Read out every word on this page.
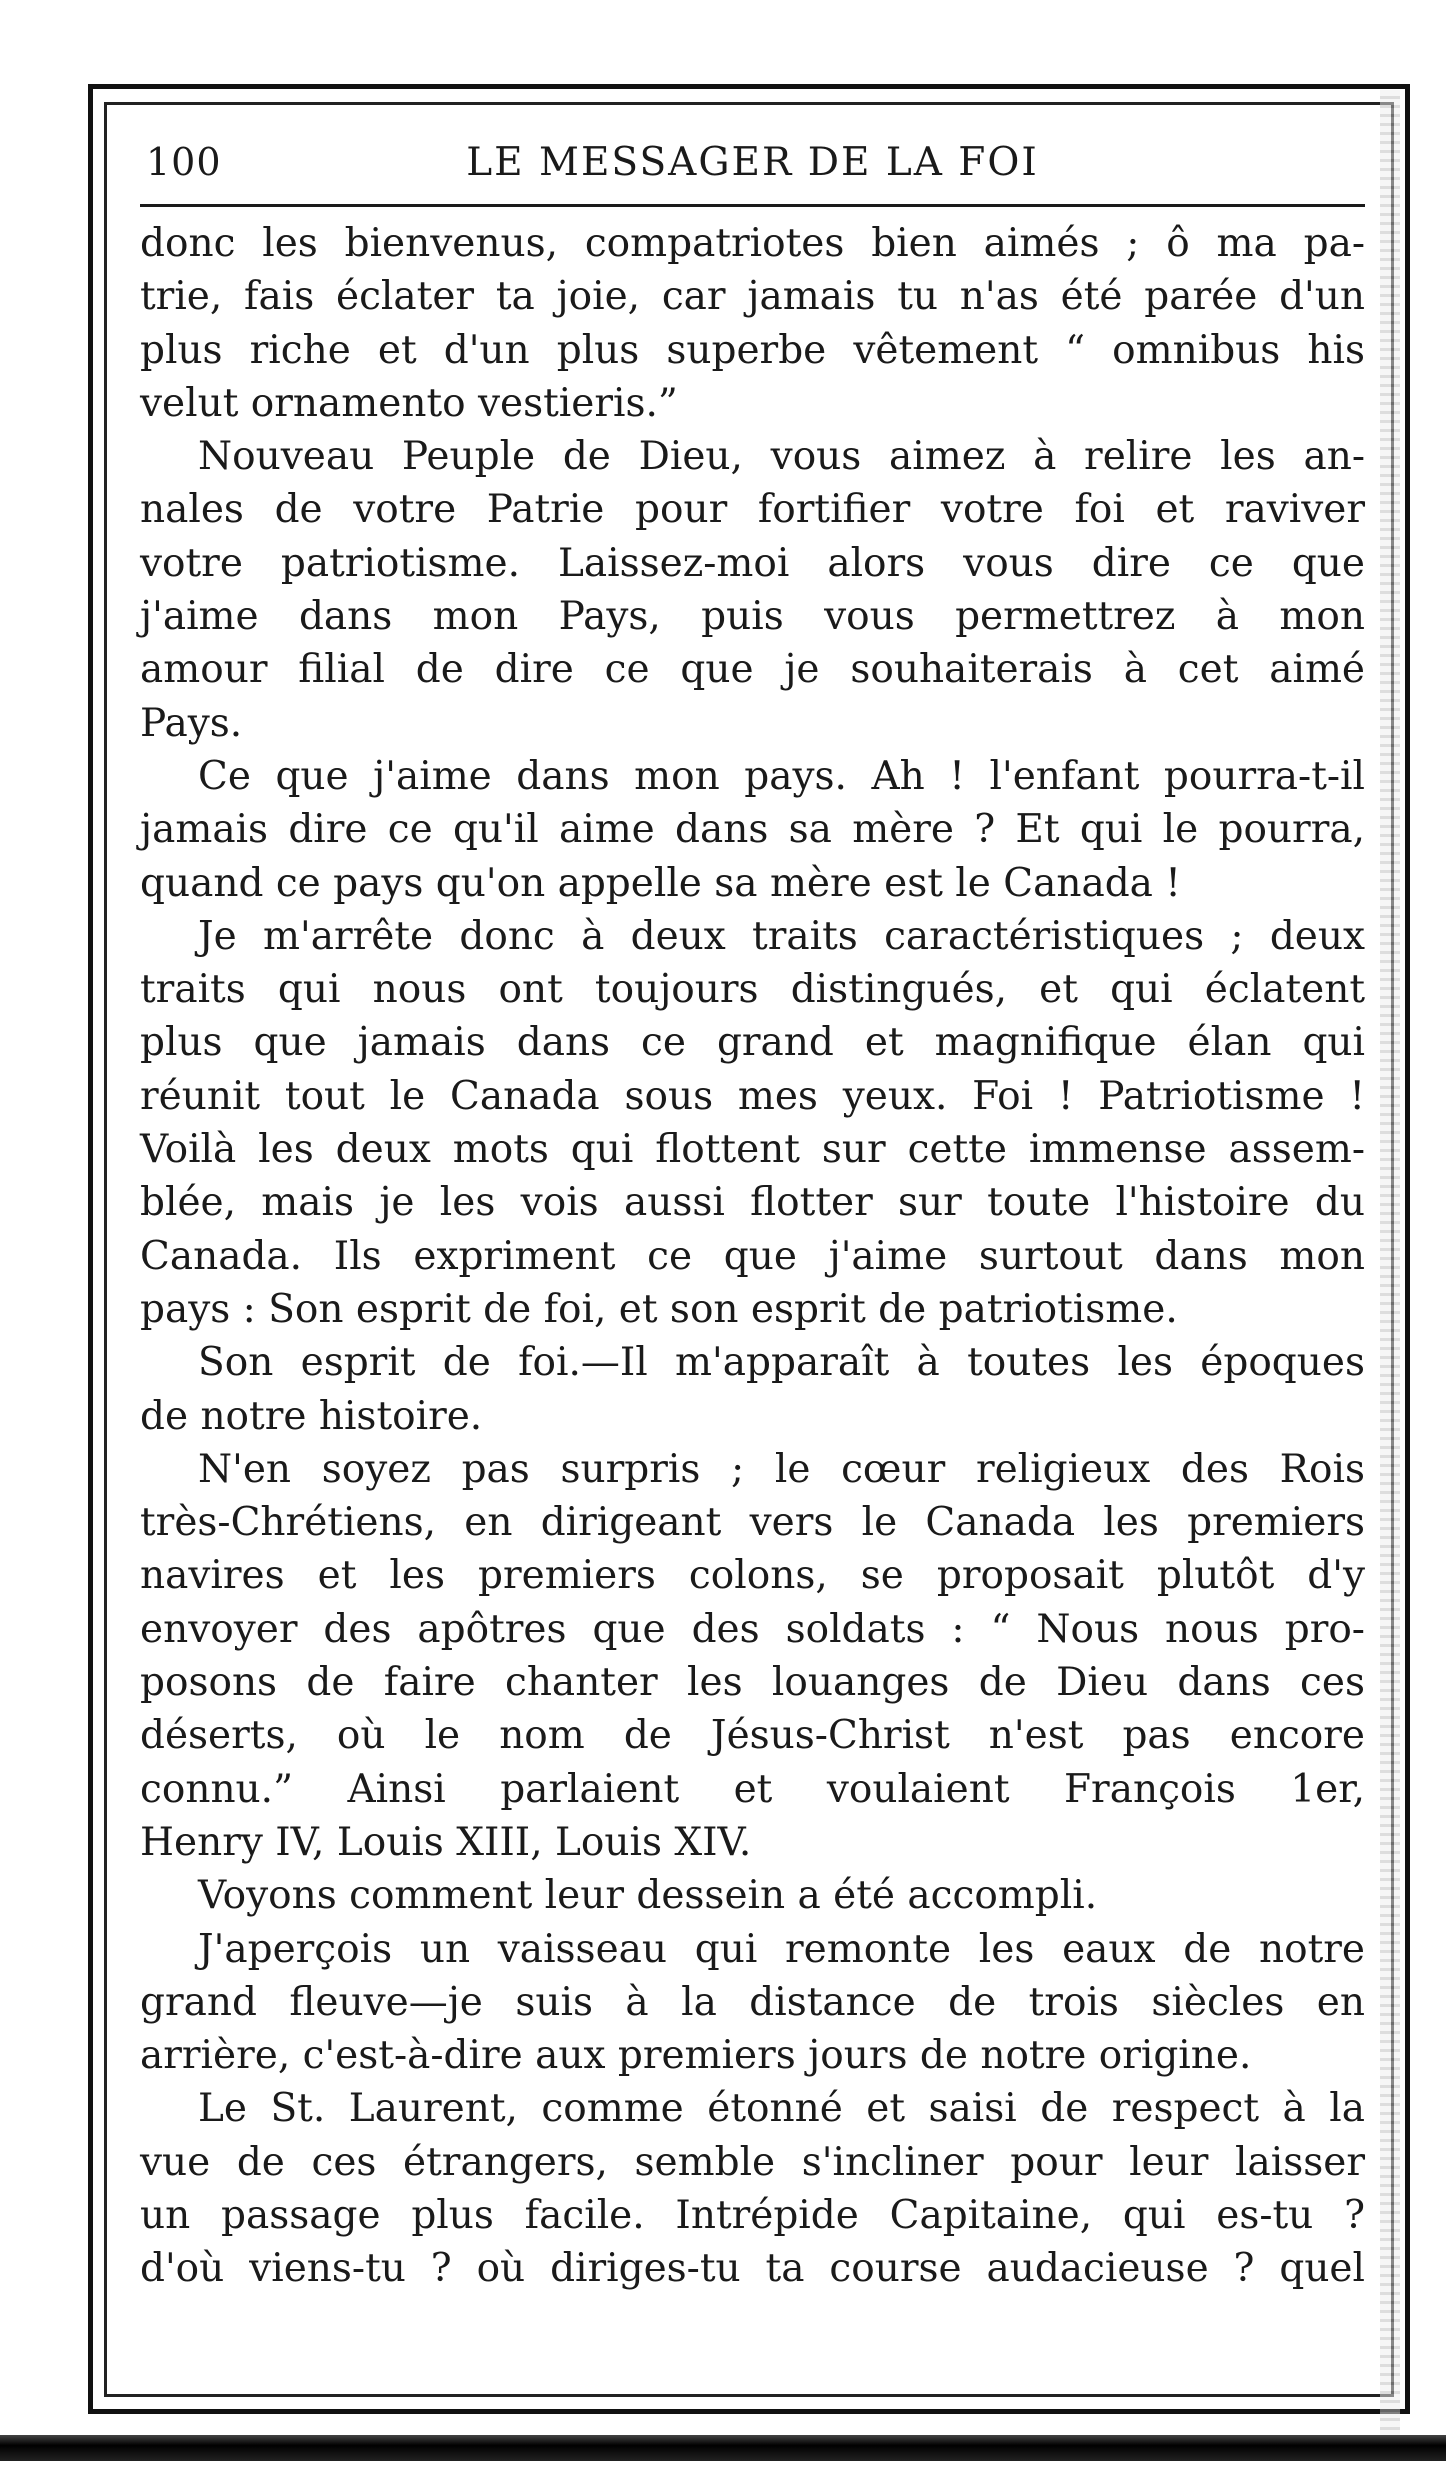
100	LE MESSAGER DE LA FOI
donc les bienvenus, compatriotes bien aimés ; ô ma pa-
trie, fais éclater ta joie, car jamais tu n'as été parée d'un
plus riche et d'un plus superbe vêtement “ omnibus his
velut ornamento vestieris.”
Nouveau Peuple de Dieu, vous aimez à relire les an-
nales de votre Patrie pour fortifier votre foi et raviver
votre patriotisme. Laissez-moi alors vous dire ce que
j'aime dans mon Pays, puis vous permettrez à mon
amour filial de dire ce que je souhaiterais à cet aimé
Pays.
Ce que j'aime dans mon pays. Ah ! l'enfant pourra-t-il
jamais dire ce qu'il aime dans sa mère ? Et qui le pourra,
quand ce pays qu'on appelle sa mère est le Canada !
Je m'arrête donc à deux traits caractéristiques ; deux
traits qui nous ont toujours distingués, et qui éclatent
plus que jamais dans ce grand et magnifique élan qui
réunit tout le Canada sous mes yeux. Foi ! Patriotisme !
Voilà les deux mots qui flottent sur cette immense assem-
blée, mais je les vois aussi flotter sur toute l'histoire du
Canada. Ils expriment ce que j'aime surtout dans mon
pays : Son esprit de foi, et son esprit de patriotisme.
Son esprit de foi.—Il m'apparaît à toutes les époques
de notre histoire.
N'en soyez pas surpris ; le cœur religieux des Rois
très-Chrétiens, en dirigeant vers le Canada les premiers
navires et les premiers colons, se proposait plutôt d'y
envoyer des apôtres que des soldats : “ Nous nous pro-
posons de faire chanter les louanges de Dieu dans ces
déserts, où le nom de Jésus-Christ n'est pas encore
connu.” Ainsi parlaient et voulaient François 1er,
Henry IV, Louis XIII, Louis XIV.
Voyons comment leur dessein a été accompli.
J'aperçois un vaisseau qui remonte les eaux de notre
grand fleuve—je suis à la distance de trois siècles en
arrière, c'est-à-dire aux premiers jours de notre origine.
Le St. Laurent, comme étonné et saisi de respect à la
vue de ces étrangers, semble s'incliner pour leur laisser
un passage plus facile. Intrépide Capitaine, qui es-tu ?
d'où viens-tu ? où diriges-tu ta course audacieuse ? quel
